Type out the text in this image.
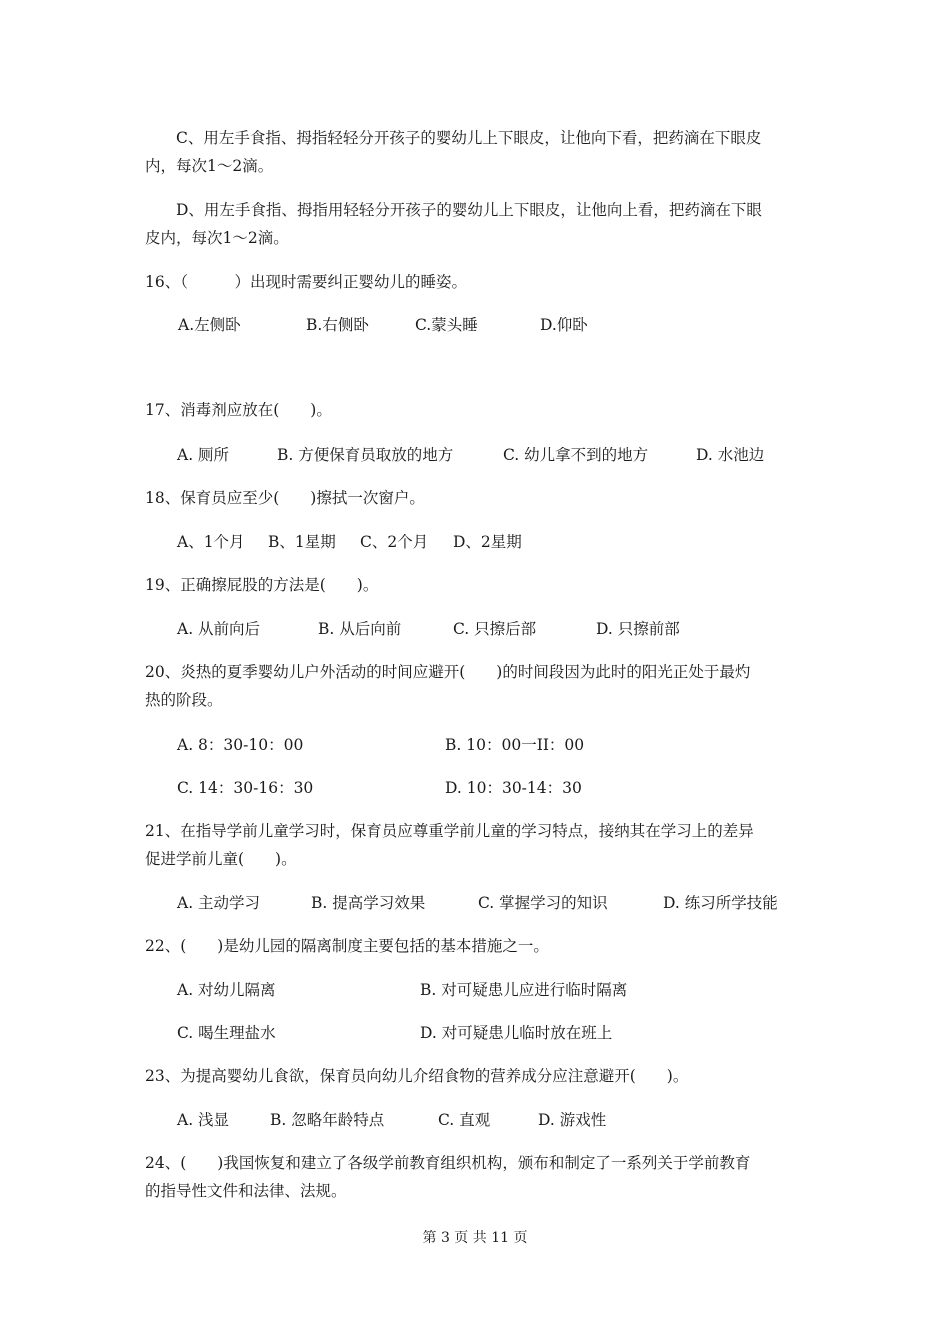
C、用左手食指、拇指轻轻分开孩子的婴幼儿上下眼皮，让他向下看，把药滴在下眼皮
内，每次1～2滴。
D、用左手食指、拇指用轻轻分开孩子的婴幼儿上下眼皮，让他向上看，把药滴在下眼
皮内，每次1～2滴。
16、（　　　）出现时需要纠正婴幼儿的睡姿。
A.左侧卧	B.右侧卧	C.蒙头睡	D.仰卧
17、消毒剂应放在(　　)。
A. 厕所	B. 方便保育员取放的地方	C. 幼儿拿不到的地方	D. 水池边
18、保育员应至少(　　)擦拭一次窗户。
A、1个月 B、1星期 C、2个月 D、2星期
19、正确擦屁股的方法是(　　)。
A. 从前向后	B. 从后向前	C. 只擦后部	D. 只擦前部
20、炎热的夏季婴幼儿户外活动的时间应避开(　　)的时间段因为此时的阳光正处于最灼
热的阶段。
A. 8：30-10：00	B. 10：00一II：00
C. 14：30-16：30	D. 10：30-14：30
21、在指导学前儿童学习时，保育员应尊重学前儿童的学习特点，接纳其在学习上的差异
促进学前儿童(　　)。
A. 主动学习	B. 提高学习效果	C. 掌握学习的知识	D. 练习所学技能
22、(　　)是幼儿园的隔离制度主要包括的基本措施之一。
A. 对幼儿隔离	B. 对可疑患儿应进行临时隔离
C. 喝生理盐水	D. 对可疑患儿临时放在班上
23、为提高婴幼儿食欲，保育员向幼儿介绍食物的营养成分应注意避开(　　)。
A. 浅显	B. 忽略年龄特点	C. 直观	D. 游戏性
24、(　　)我国恢复和建立了各级学前教育组织机构，颁布和制定了一系列关于学前教育
的指导性文件和法律、法规。
第 3 页 共 11 页
